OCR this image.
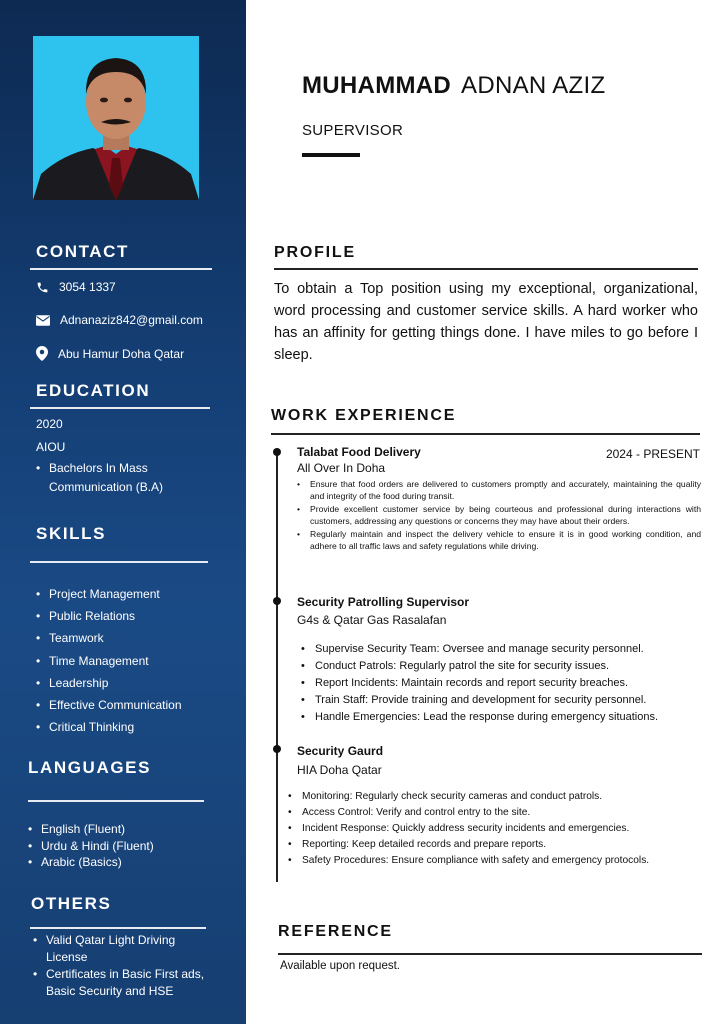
CONTACT
3054 1337
Adnanaziz842@gmail.com
Abu Hamur Doha Qatar
EDUCATION
2020
AIOU
• Bachelors In Mass
Communication (B.A)
SKILLS
• Project Management
• Public Relations
• Teamwork
• Time Management
• Leadership
• Effective Communication
• Critical Thinking
LANGUAGES
• English (Fluent)
• Urdu & Hindi (Fluent)
• Arabic (Basics)
OTHERS
• Valid Qatar Light Driving License
• Certificates in Basic First ads, Basic Security and HSE
MUHAMMAD ADNAN AZIZ
SUPERVISOR
PROFILE
To obtain a Top position using my exceptional, organizational, word processing and customer service skills. A hard worker who has an affinity for getting things done. I have miles to go before I sleep.
WORK EXPERIENCE
Talabat Food Delivery	2024 - PRESENT
All Over In Doha
• Ensure that food orders are delivered to customers promptly and accurately, maintaining the quality and integrity of the food during transit.
• Provide excellent customer service by being courteous and professional during interactions with customers, addressing any questions or concerns they may have about their orders.
• Regularly maintain and inspect the delivery vehicle to ensure it is in good working condition, and adhere to all traffic laws and safety regulations while driving.
Security Patrolling Supervisor
G4s & Qatar Gas Rasalafan
• Supervise Security Team: Oversee and manage security personnel.
• Conduct Patrols: Regularly patrol the site for security issues.
• Report Incidents: Maintain records and report security breaches.
• Train Staff: Provide training and development for security personnel.
• Handle Emergencies: Lead the response during emergency situations.
Security Gaurd
HIA Doha Qatar
• Monitoring: Regularly check security cameras and conduct patrols.
• Access Control: Verify and control entry to the site.
• Incident Response: Quickly address security incidents and emergencies.
• Reporting: Keep detailed records and prepare reports.
• Safety Procedures: Ensure compliance with safety and emergency protocols.
REFERENCE
Available upon request.
